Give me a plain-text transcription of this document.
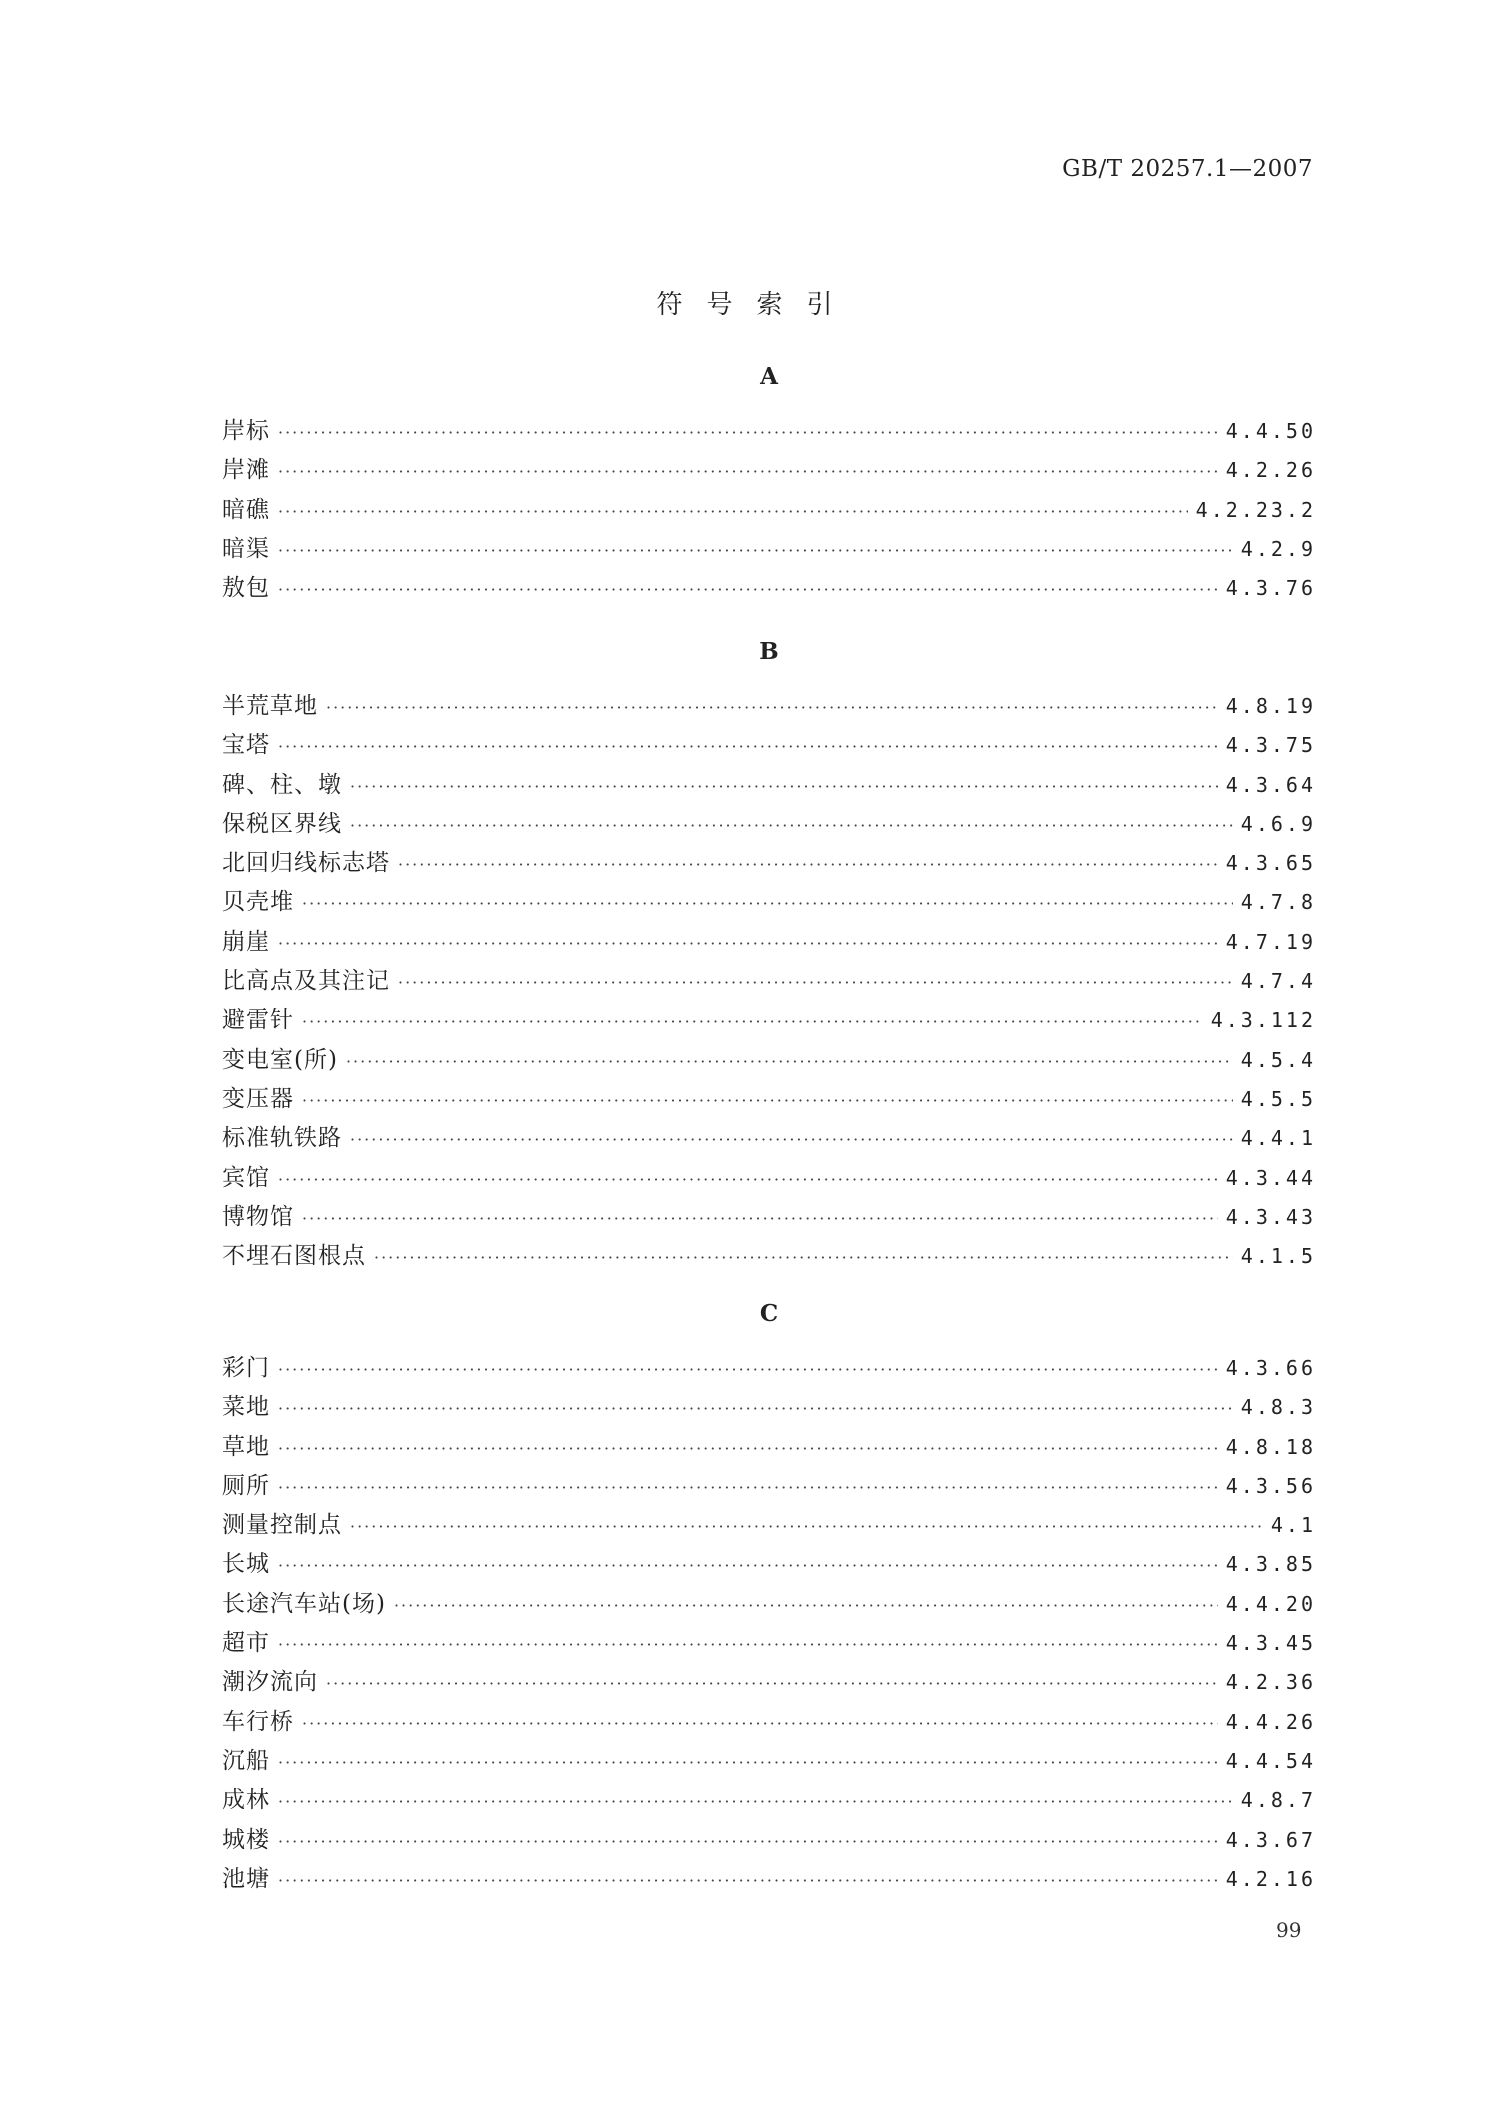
GB/T 20257.1—2007
符号索引
A
岸标 ·····	4.4.50
岸滩 ·····	4.2.26
暗礁 ·····	4.2.23.2
暗渠 ·····	4.2.9
敖包 ·····	4.3.76
B
半荒草地 ·····	4.8.19
宝塔 ·····	4.3.75
碑、柱、墩 ·····	4.3.64
保税区界线 ·····	4.6.9
北回归线标志塔 ·····	4.3.65
贝壳堆 ·····	4.7.8
崩崖 ·····	4.7.19
比高点及其注记 ·····	4.7.4
避雷针 ·····	4.3.112
变电室(所) ·····	4.5.4
变压器 ·····	4.5.5
标准轨铁路 ·····	4.4.1
宾馆 ·····	4.3.44
博物馆 ·····	4.3.43
不埋石图根点 ·····	4.1.5
C
彩门 ·····	4.3.66
菜地 ·····	4.8.3
草地 ·····	4.8.18
厕所 ·····	4.3.56
测量控制点 ·····	4.1
长城 ·····	4.3.85
长途汽车站(场) ·····	4.4.20
超市 ·····	4.3.45
潮汐流向 ·····	4.2.36
车行桥 ·····	4.4.26
沉船 ·····	4.4.54
成林 ·····	4.8.7
城楼 ·····	4.3.67
池塘 ·····	4.2.16
99
